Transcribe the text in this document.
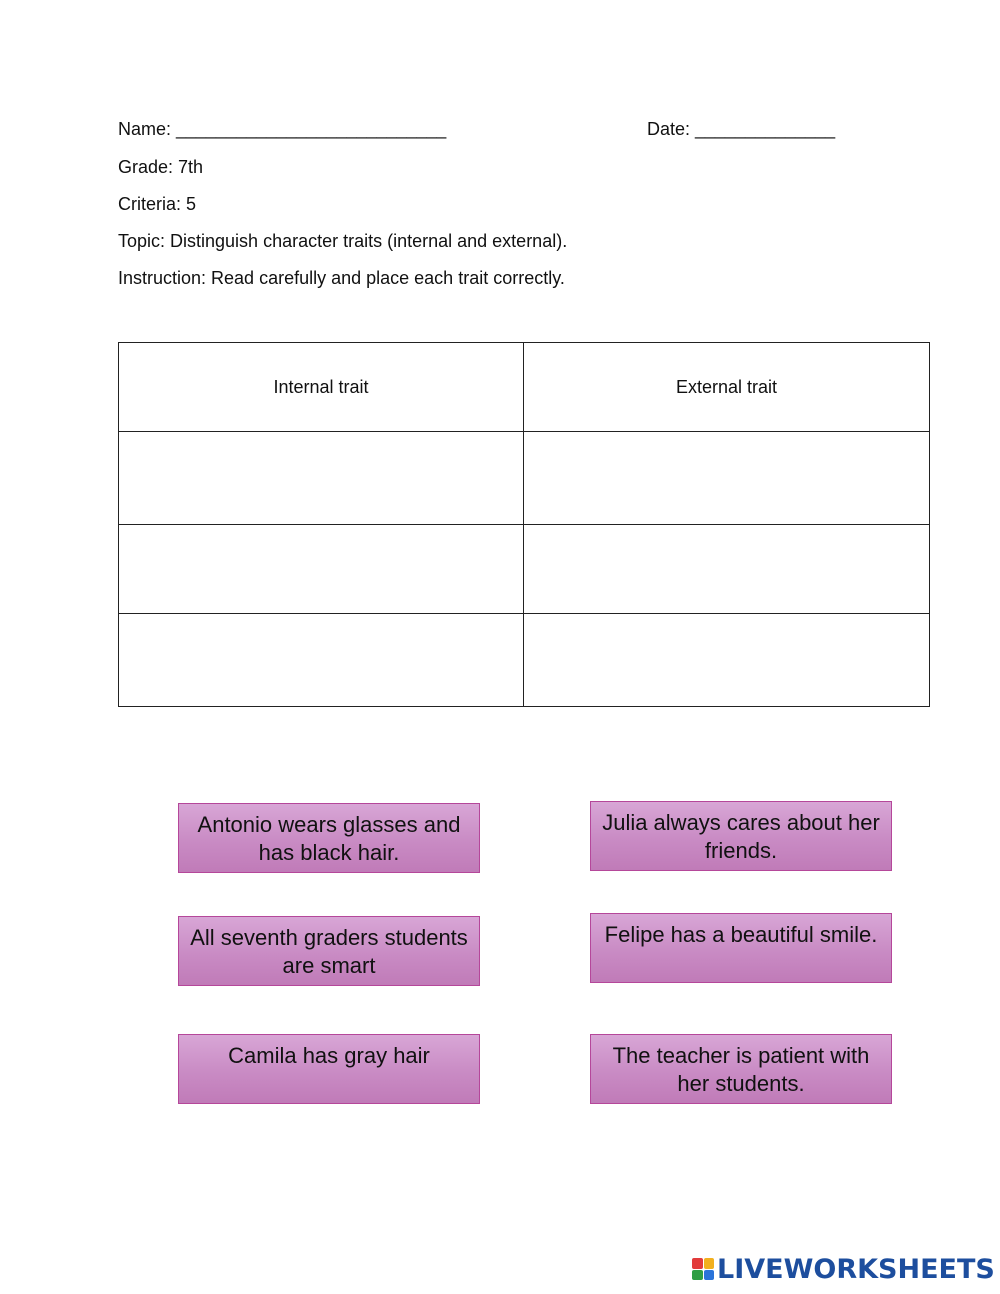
Name: ___________________________	Date: ______________
Grade: 7th
Criteria: 5
Topic: Distinguish character traits (internal and external).
Instruction: Read carefully and place each trait correctly.
Internal trait	External trait

Antonio wears glasses and has black hair.
Julia always cares about her friends.
All seventh graders students are smart
Felipe has a beautiful smile.
Camila has gray hair	The teacher is patient with her students.
LIVEWORKSHEETS
